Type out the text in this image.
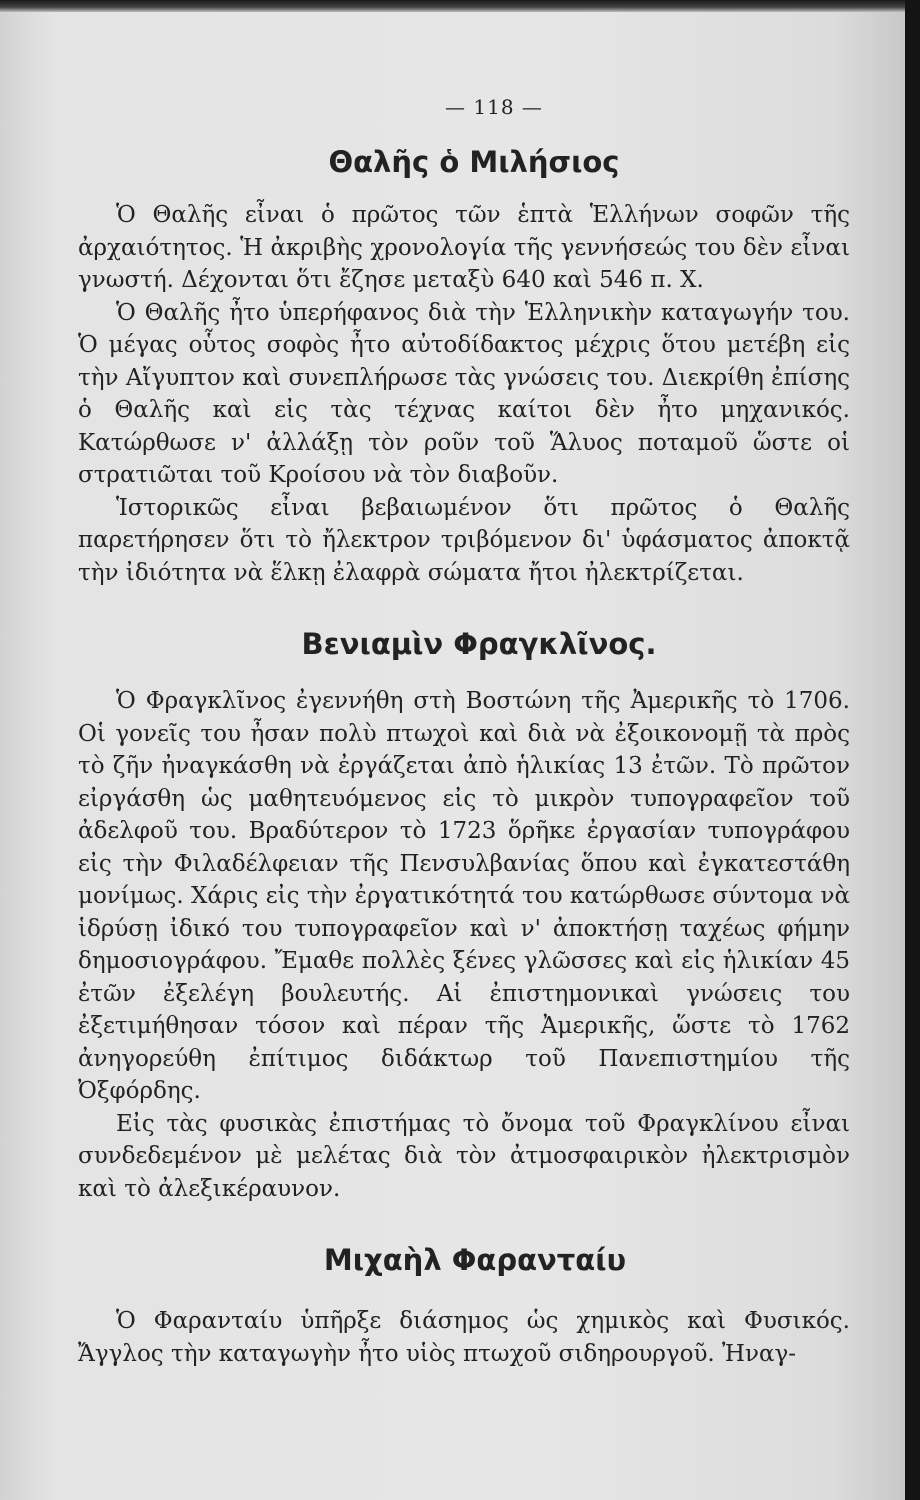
— 118 —
Θαλῆς ὁ Μιλήσιος

Ὁ Θαλῆς εἶναι ὁ πρῶτος τῶν ἑπτὰ Ἑλλήνων σοφῶν τῆς ἀρχαιότητος. Ἡ ἀκριβὴς χρονολογία τῆς γεννήσεώς του δὲν εἶναι γνωστή. Δέχονται ὅτι ἔζησε μεταξὺ 640 καὶ 546 π. Χ.

Ὁ Θαλῆς ἦτο ὑπερήφανος διὰ τὴν Ἑλληνικὴν καταγωγήν του. Ὁ μέγας οὗτος σοφὸς ἦτο αὐτοδίδακτος μέχρις ὅτου μετέβη εἰς τὴν Αἴγυπτον καὶ συνεπλήρωσε τὰς γνώσεις του. Διεκρίθη ἐπίσης ὁ Θαλῆς καὶ εἰς τὰς τέχνας καίτοι δὲν ἦτο μηχανικός. Κατώρθωσε ν' ἀλλάξῃ τὸν ροῦν τοῦ Ἅλυος ποταμοῦ ὥστε οἱ στρατιῶται τοῦ Κροίσου νὰ τὸν διαβοῦν.

Ἱστορικῶς εἶναι βεβαιωμένον ὅτι πρῶτος ὁ Θαλῆς παρετήρησεν ὅτι τὸ ἤλεκτρον τριβόμενον δι' ὑφάσματος ἀποκτᾷ τὴν ἰδιότητα νὰ ἕλκῃ ἐλαφρὰ σώματα ἤτοι ἠλεκτρίζεται.

Βενιαμὶν Φραγκλῖνος.

Ὁ Φραγκλῖνος ἐγεννήθη στὴ Βοστώνη τῆς Ἀμερικῆς τὸ 1706. Οἱ γονεῖς του ἦσαν πολὺ πτωχοὶ καὶ διὰ νὰ ἐξοικονομῇ τὰ πρὸς τὸ ζῆν ἠναγκάσθη νὰ ἐργάζεται ἀπὸ ἡλικίας 13 ἐτῶν. Τὸ πρῶτον εἰργάσθη ὡς μαθητευόμενος εἰς τὸ μικρὸν τυπογραφεῖον τοῦ ἀδελφοῦ του. Βραδύτερον τὸ 1723 ὅρῆκε ἐργασίαν τυπογράφου εἰς τὴν Φιλαδέλφειαν τῆς Πενσυλβανίας ὅπου καὶ ἐγκατεστάθη μονίμως. Χάρις εἰς τὴν ἐργατικότητά του κατώρθωσε σύντομα νὰ ἱδρύσῃ ἰδικό του τυπογραφεῖον καὶ ν' ἀποκτήσῃ ταχέως φήμην δημοσιογράφου. Ἔμαθε πολλὲς ξένες γλῶσσες καὶ εἰς ἡλικίαν 45 ἐτῶν ἐξελέγη βουλευτής. Αἱ ἐπιστημονικαὶ γνώσεις του ἐξετιμήθησαν τόσον καὶ πέραν τῆς Ἀμερικῆς, ὥστε τὸ 1762 ἀνηγορεύθη ἐπίτιμος διδάκτωρ τοῦ Πανεπιστημίου τῆς Ὀξφόρδης.

Εἰς τὰς φυσικὰς ἐπιστήμας τὸ ὄνομα τοῦ Φραγκλίνου εἶναι συνδεδεμένον μὲ μελέτας διὰ τὸν ἀτμοσφαιρικὸν ἠλεκτρισμὸν καὶ τὸ ἀλεξικέραυνον.

Μιχαὴλ Φαρανταίυ

Ὁ Φαρανταίυ ὑπῆρξε διάσημος ὡς χημικὸς καὶ Φυσικός. Ἄγγλος τὴν καταγωγὴν ἦτο υἱὸς πτωχοῦ σιδηρουργοῦ. Ἠναγ-
